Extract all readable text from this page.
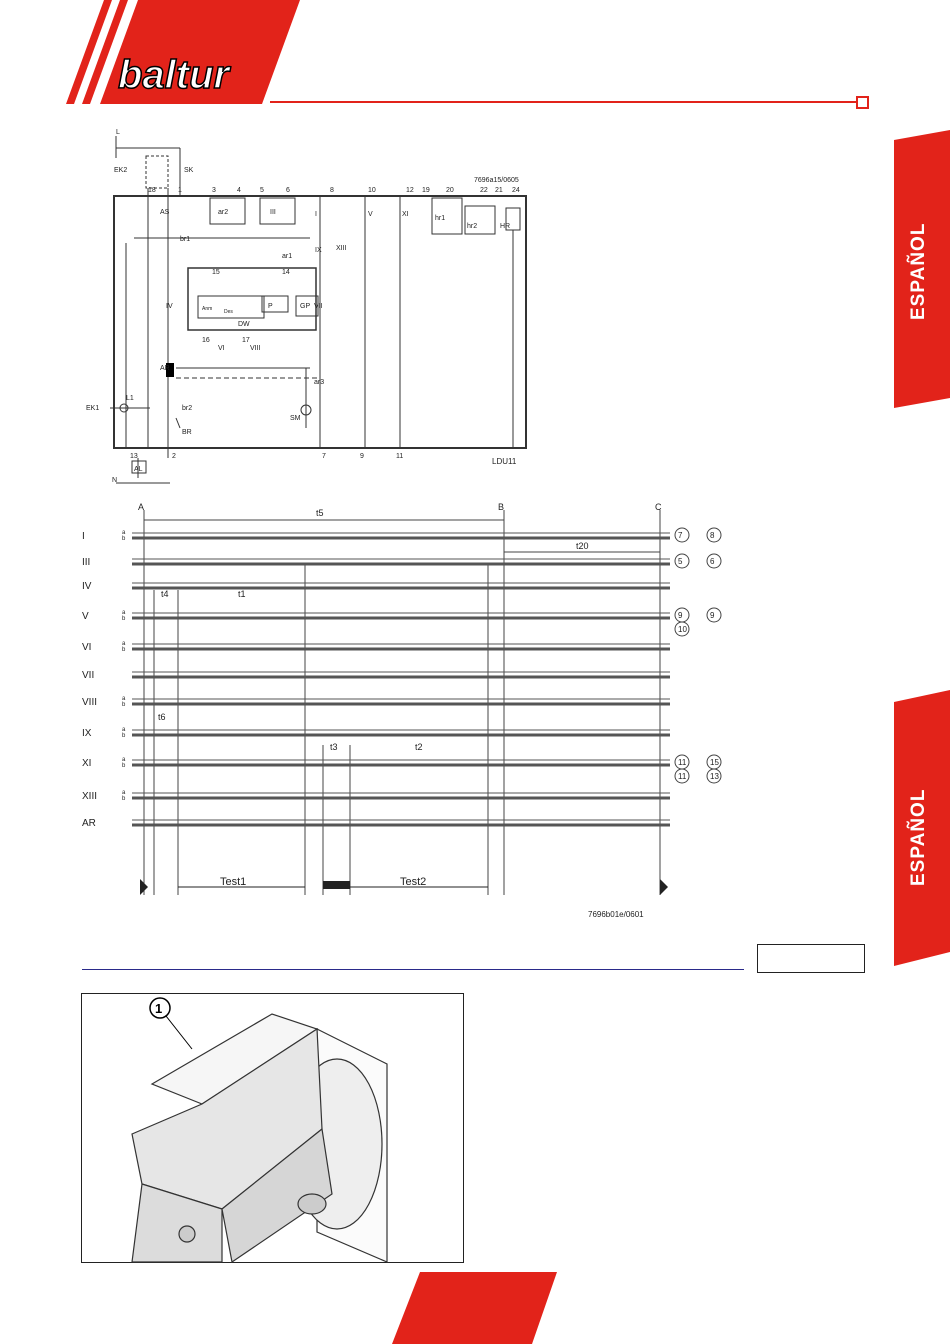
baltur
ESPAÑOL
ESPAÑOL
L
EK2	SK
AS	ar2	III	I	V	XI
hr1
hr2	HR
br1
ar1
IX XIII
15	14
IV	Anm Des
P	GP VII
DW
16	17
VI	VIII
AR
ar3
EK1
L1
br2
SM
BR
AL
N
18	1	3	4	5	6	8	10	12 19 20	22 21 24
13	2	7	9	11
7696a15/0605
LDU11
I	a
b	7	8
III	5	6
IV
V	a
b	9	9
10
VI	a
b
VII
VIII	a
b
IX	a
b
XI	a
b	11	15
11	13
XIII	a
b
AR
A	B	C
t5
t20
t4	t1
t6
t3	t2
Test1	Test2
7696b01e/0601
1
